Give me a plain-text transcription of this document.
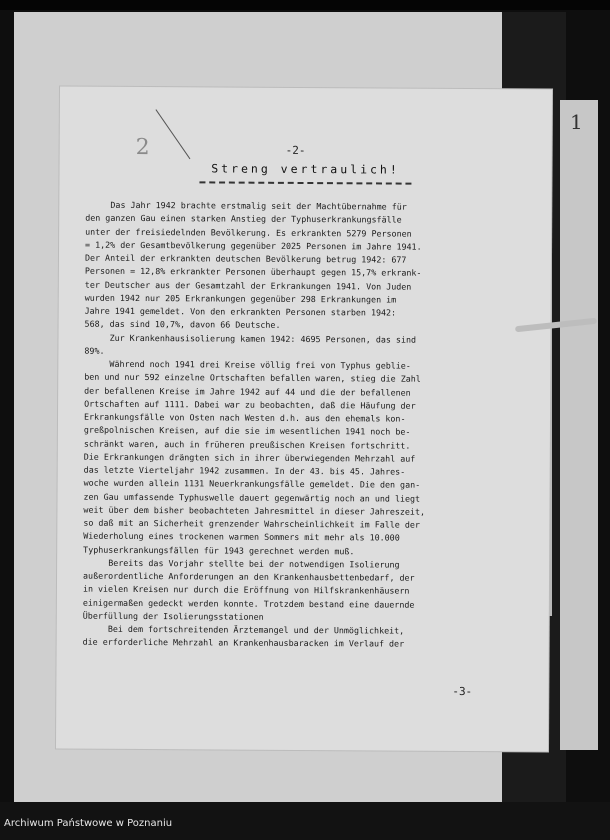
1
2	-2-
Streng vertraulich!
Das Jahr 1942 brachte erstmalig seit der Machtübernahme für
den ganzen Gau einen starken Anstieg der Typhuserkrankungsfälle
unter der freisiedelnden Bevölkerung. Es erkrankten 5279 Personen
= 1,2% der Gesamtbevölkerung gegenüber 2025 Personen im Jahre 1941.
Der Anteil der erkrankten deutschen Bevölkerung betrug 1942: 677
Personen = 12,8% erkrankter Personen überhaupt gegen 15,7% erkrank-
ter Deutscher aus der Gesamtzahl der Erkrankungen 1941. Von Juden
wurden 1942 nur 205 Erkrankungen gegenüber 298 Erkrankungen im
Jahre 1941 gemeldet. Von den erkrankten Personen starben 1942:
568, das sind 10,7%, davon 66 Deutsche.
Zur Krankenhausisolierung kamen 1942: 4695 Personen, das sind
89%.
Während noch 1941 drei Kreise völlig frei von Typhus geblie-
ben und nur 592 einzelne Ortschaften befallen waren, stieg die Zahl
der befallenen Kreise im Jahre 1942 auf 44 und die der befallenen
Ortschaften auf 1111. Dabei war zu beobachten, daß die Häufung der
Erkrankungsfälle von Osten nach Westen d.h. aus den ehemals kon-
greßpolnischen Kreisen, auf die sie im wesentlichen 1941 noch be-
schränkt waren, auch in früheren preußischen Kreisen fortschritt.
Die Erkrankungen drängten sich in ihrer überwiegenden Mehrzahl auf
das letzte Vierteljahr 1942 zusammen. In der 43. bis 45. Jahres-
woche wurden allein 1131 Neuerkrankungsfälle gemeldet. Die den gan-
zen Gau umfassende Typhuswelle dauert gegenwärtig noch an und liegt
weit über dem bisher beobachteten Jahresmittel in dieser Jahreszeit,
so daß mit an Sicherheit grenzender Wahrscheinlichkeit im Falle der
Wiederholung eines trockenen warmen Sommers mit mehr als 10.000
Typhuserkrankungsfällen für 1943 gerechnet werden muß.
Bereits das Vorjahr stellte bei der notwendigen Isolierung
außerordentliche Anforderungen an den Krankenhausbettenbedarf, der
in vielen Kreisen nur durch die Eröffnung von Hilfskrankenhäusern
einigermaßen gedeckt werden konnte. Trotzdem bestand eine dauernde
Überfüllung der Isolierungsstationen
Bei dem fortschreitenden Ärztemangel und der Unmöglichkeit,
die erforderliche Mehrzahl an Krankenhausbaracken im Verlauf der

-3-
Archiwum Państwowe w Poznaniu
